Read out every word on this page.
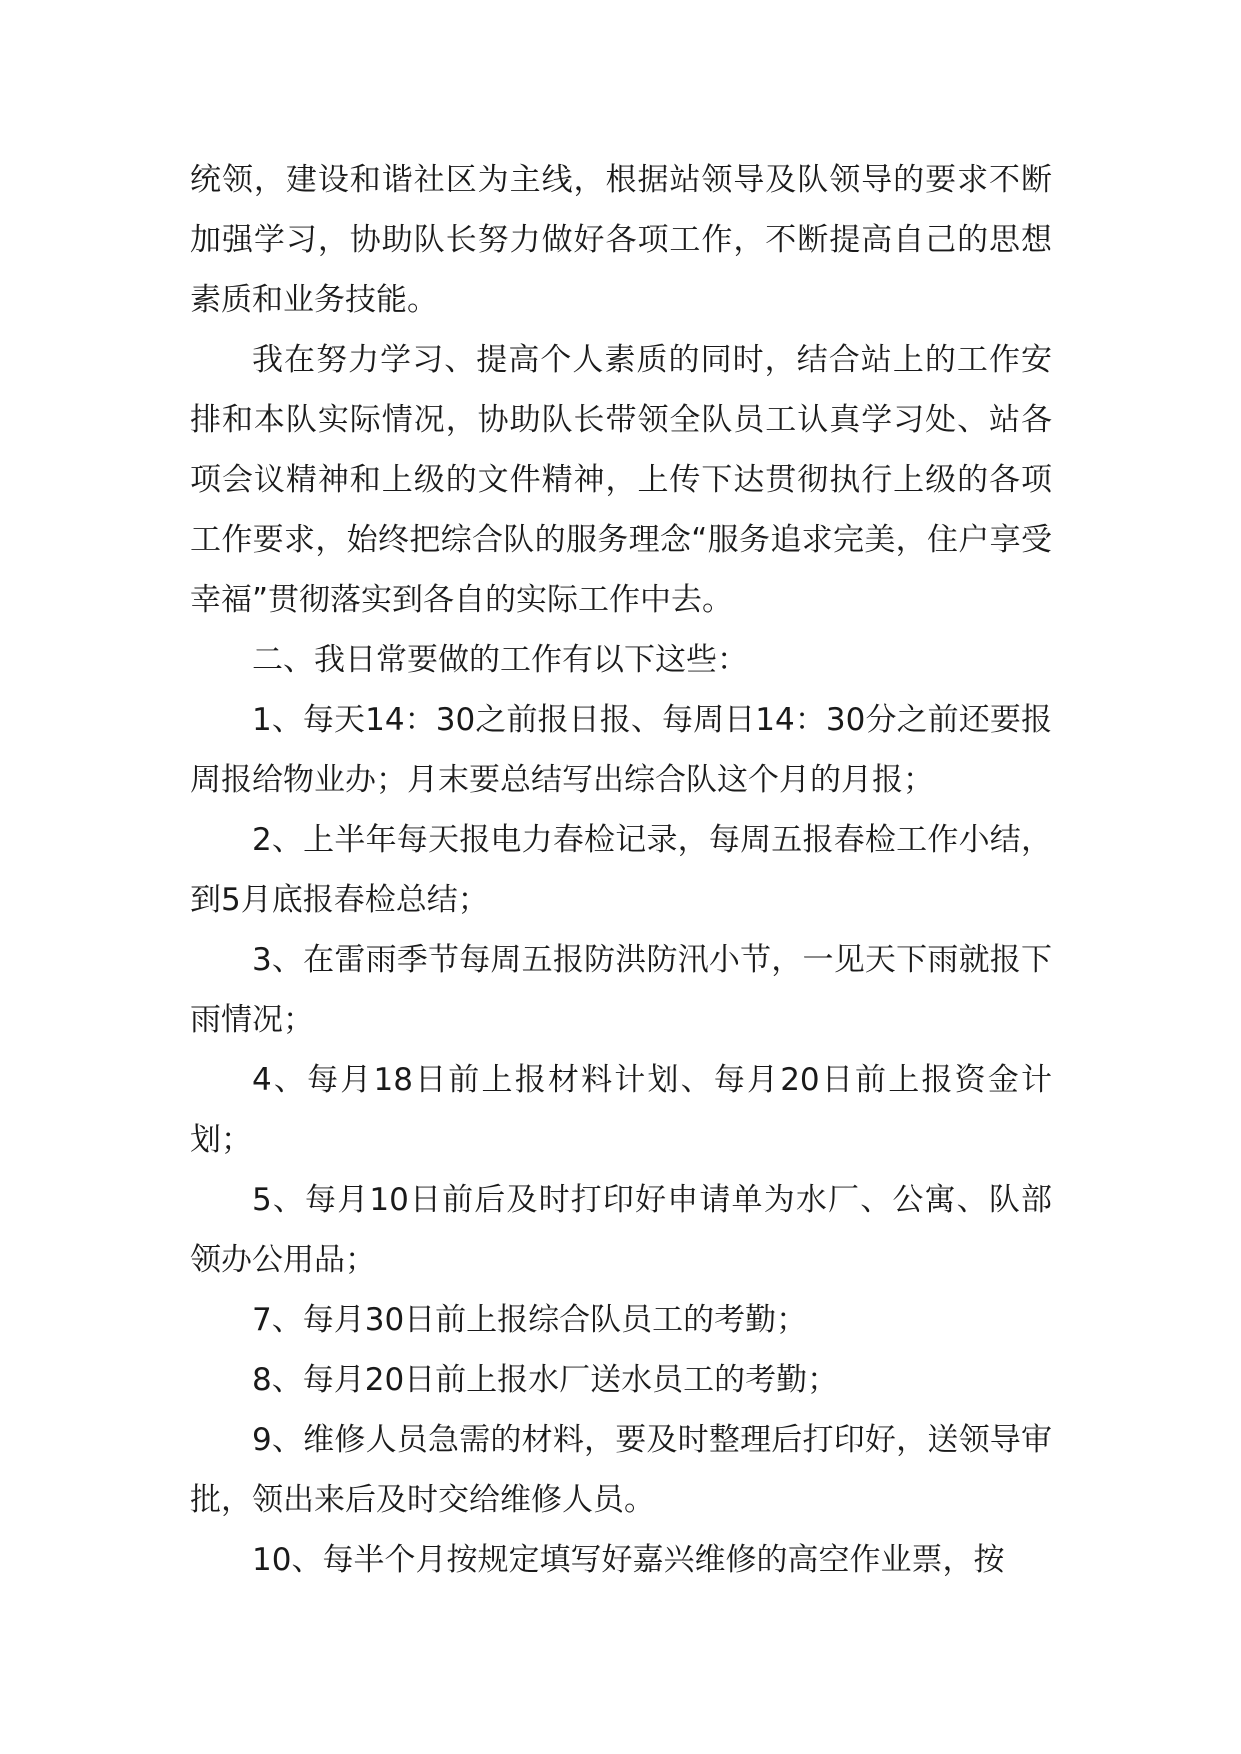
统领，建设和谐社区为主线，根据站领导及队领导的要求不断加强学习，协助队长努力做好各项工作，不断提高自己的思想素质和业务技能。

我在努力学习、提高个人素质的同时，结合站上的工作安排和本队实际情况，协助队长带领全队员工认真学习处、站各项会议精神和上级的文件精神，上传下达贯彻执行上级的各项工作要求，始终把综合队的服务理念“服务追求完美，住户享受幸福”贯彻落实到各自的实际工作中去。

二、我日常要做的工作有以下这些：

1、每天14：30之前报日报、每周日14：30分之前还要报周报给物业办；月末要总结写出综合队这个月的月报；

2、上半年每天报电力春检记录，每周五报春检工作小结，到5月底报春检总结；

3、在雷雨季节每周五报防洪防汛小节，一见天下雨就报下雨情况；

4、每月18日前上报材料计划、每月20日前上报资金计划；

5、每月10日前后及时打印好申请单为水厂、公寓、队部领办公用品；

7、每月30日前上报综合队员工的考勤；

8、每月20日前上报水厂送水员工的考勤；

9、维修人员急需的材料，要及时整理后打印好，送领导审批，领出来后及时交给维修人员。

10、每半个月按规定填写好嘉兴维修的高空作业票，按
